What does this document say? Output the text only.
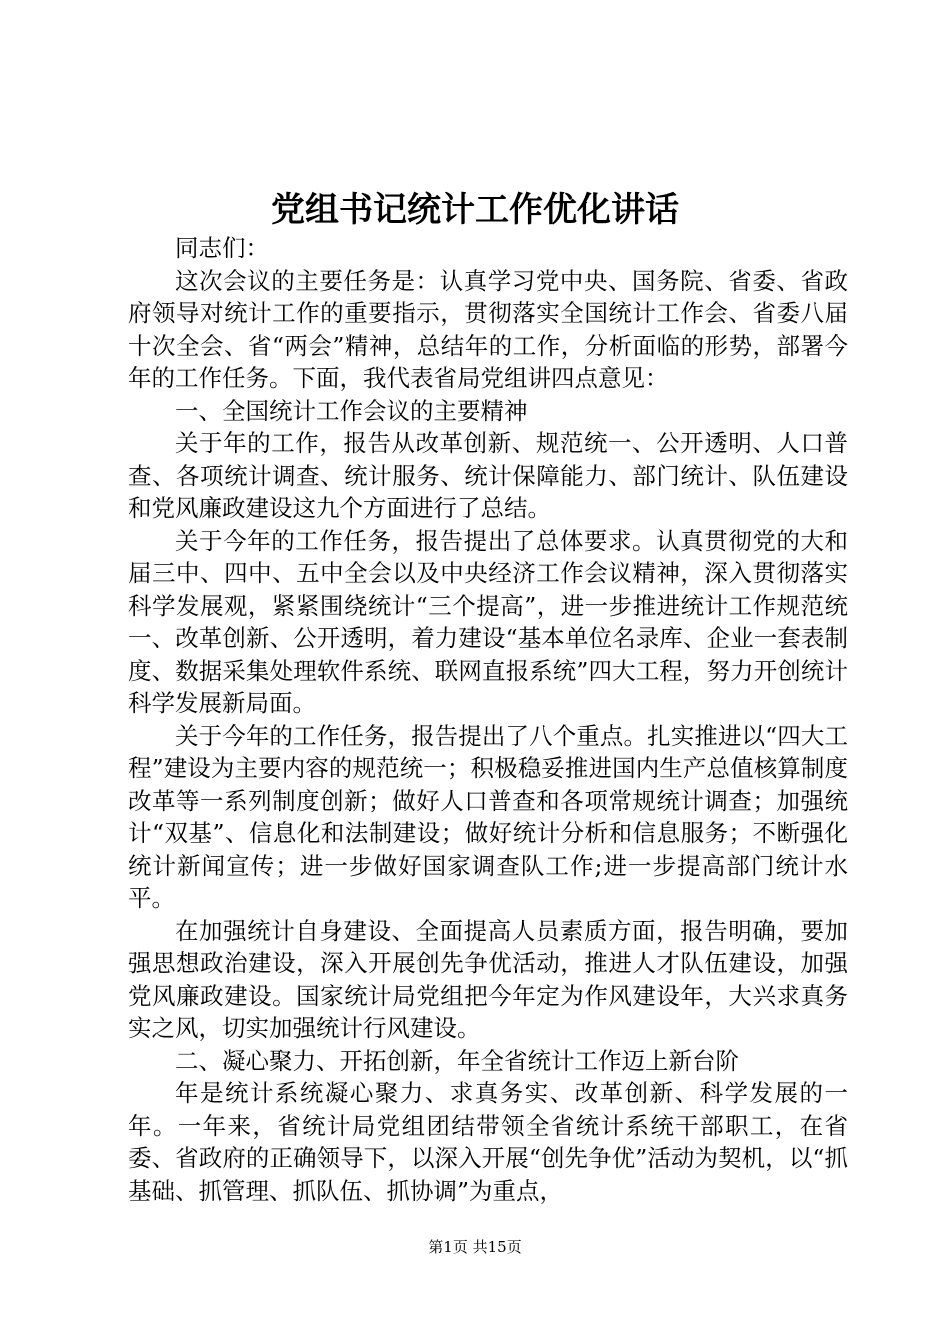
党组书记统计工作优化讲话

同志们：

这次会议的主要任务是：认真学习党中央、国务院、省委、省政府领导对统计工作的重要指示，贯彻落实全国统计工作会、省委八届十次全会、省“两会”精神，总结年的工作，分析面临的形势，部署今年的工作任务。下面，我代表省局党组讲四点意见：

一、全国统计工作会议的主要精神

关于年的工作，报告从改革创新、规范统一、公开透明、人口普查、各项统计调查、统计服务、统计保障能力、部门统计、队伍建设和党风廉政建设这九个方面进行了总结。

关于今年的工作任务，报告提出了总体要求。认真贯彻党的大和届三中、四中、五中全会以及中央经济工作会议精神，深入贯彻落实科学发展观，紧紧围绕统计“三个提高”，进一步推进统计工作规范统一、改革创新、公开透明，着力建设“基本单位名录库、企业一套表制度、数据采集处理软件系统、联网直报系统”四大工程，努力开创统计科学发展新局面。

关于今年的工作任务，报告提出了八个重点。扎实推进以“四大工程”建设为主要内容的规范统一；积极稳妥推进国内生产总值核算制度改革等一系列制度创新；做好人口普查和各项常规统计调查；加强统计“双基”、信息化和法制建设；做好统计分析和信息服务；不断强化统计新闻宣传；进一步做好国家调查队工作;进一步提高部门统计水平。

在加强统计自身建设、全面提高人员素质方面，报告明确，要加强思想政治建设，深入开展创先争优活动，推进人才队伍建设，加强党风廉政建设。国家统计局党组把今年定为作风建设年，大兴求真务实之风，切实加强统计行风建设。

二、凝心聚力、开拓创新，年全省统计工作迈上新台阶

年是统计系统凝心聚力、求真务实、改革创新、科学发展的一年。一年来，省统计局党组团结带领全省统计系统干部职工，在省委、省政府的正确领导下，以深入开展“创先争优”活动为契机，以“抓基础、抓管理、抓队伍、抓协调”为重点，

第1页 共15页
